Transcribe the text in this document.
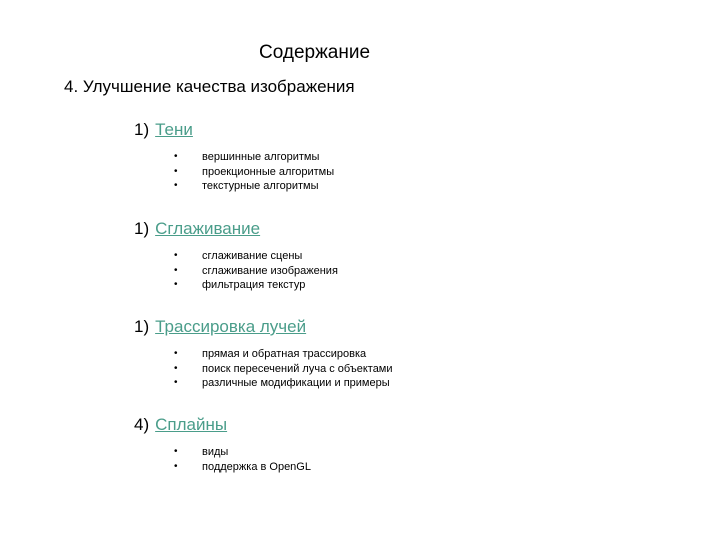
Содержание
4. Улучшение качества изображения
1) Тени
• вершинные алгоритмы
• проекционные алгоритмы
• текстурные алгоритмы
1) Сглаживание
• сглаживание сцены
• сглаживание изображения
• фильтрация текстур
1) Трассировка лучей
• прямая и обратная трассировка
• поиск пересечений луча с объектами
• различные модификации и примеры
4) Сплайны
• виды
• поддержка в OpenGL
